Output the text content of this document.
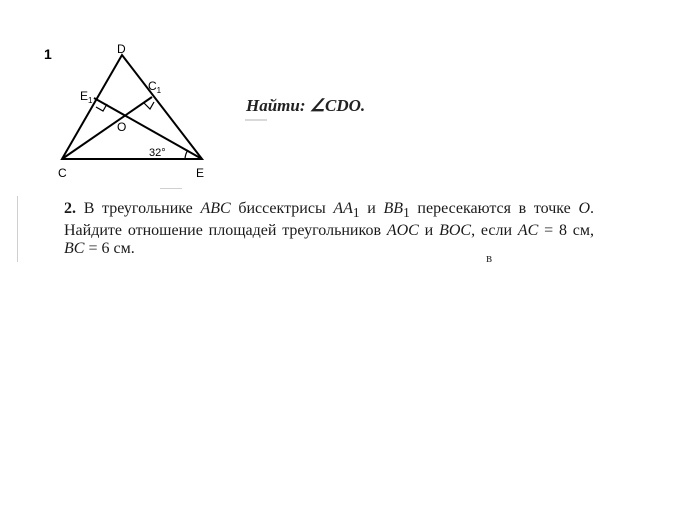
1	D
C	E
$E_1$
$C_1$
O
32°
Найти: ∠CDO.
2. В треугольнике ABC биссектрисы $AA_1$ и $BB_1$ пересекаются в точке O. Найдите отношение площадей треугольников AOC и BOC, если AC = 8 см, BC = 6 см.
в
